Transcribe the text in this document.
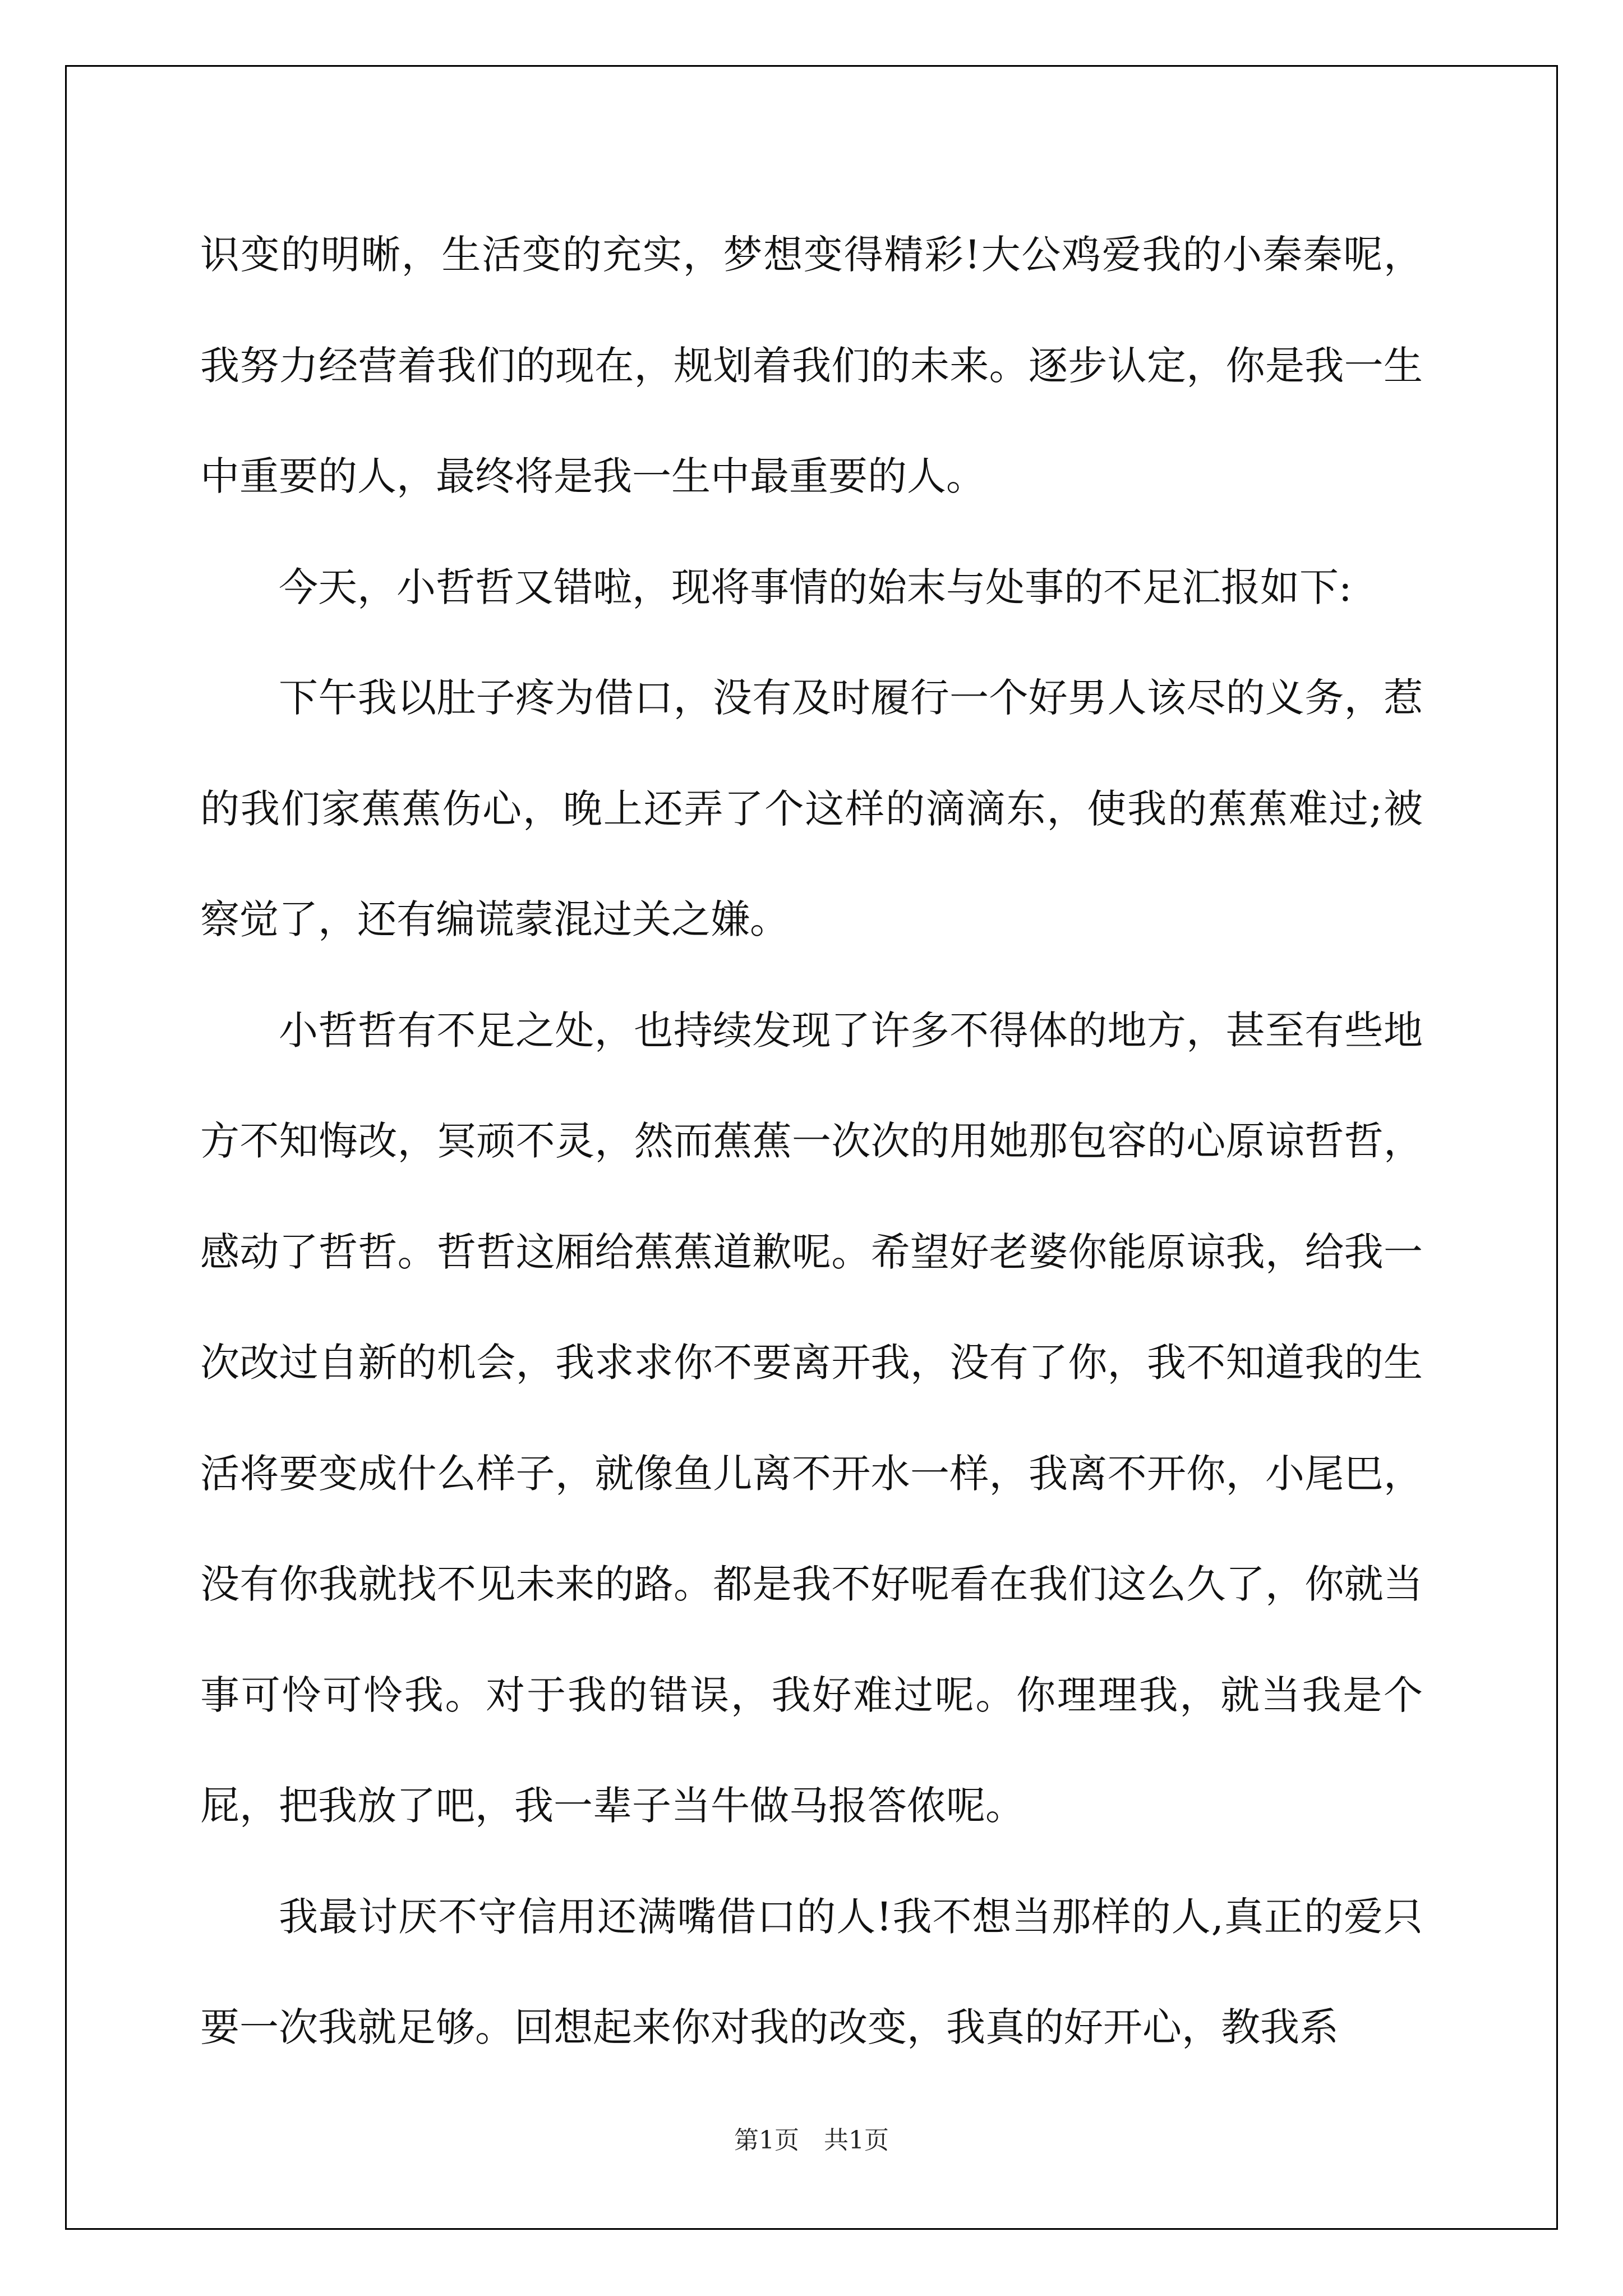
识变的明晰，生活变的充实，梦想变得精彩!大公鸡爱我的小秦秦呢，我努力经营着我们的现在，规划着我们的未来。逐步认定，你是我一生中重要的人，最终将是我一生中最重要的人。

今天，小哲哲又错啦，现将事情的始末与处事的不足汇报如下:

下午我以肚子疼为借口，没有及时履行一个好男人该尽的义务，惹的我们家蕉蕉伤心，晚上还弄了个这样的滴滴东，使我的蕉蕉难过;被察觉了，还有编谎蒙混过关之嫌。

小哲哲有不足之处，也持续发现了许多不得体的地方，甚至有些地方不知悔改，冥顽不灵，然而蕉蕉一次次的用她那包容的心原谅哲哲，感动了哲哲。哲哲这厢给蕉蕉道歉呢。希望好老婆你能原谅我，给我一次改过自新的机会，我求求你不要离开我，没有了你，我不知道我的生活将要变成什么样子，就像鱼儿离不开水一样，我离不开你，小尾巴，没有你我就找不见未来的路。都是我不好呢看在我们这么久了，你就当事可怜可怜我。对于我的错误，我好难过呢。你理理我，就当我是个屁，把我放了吧，我一辈子当牛做马报答侬呢。

我最讨厌不守信用还满嘴借口的人!我不想当那样的人,真正的爱只要一次我就足够。回想起来你对我的改变，我真的好开心，教我系

第1页 共1页
